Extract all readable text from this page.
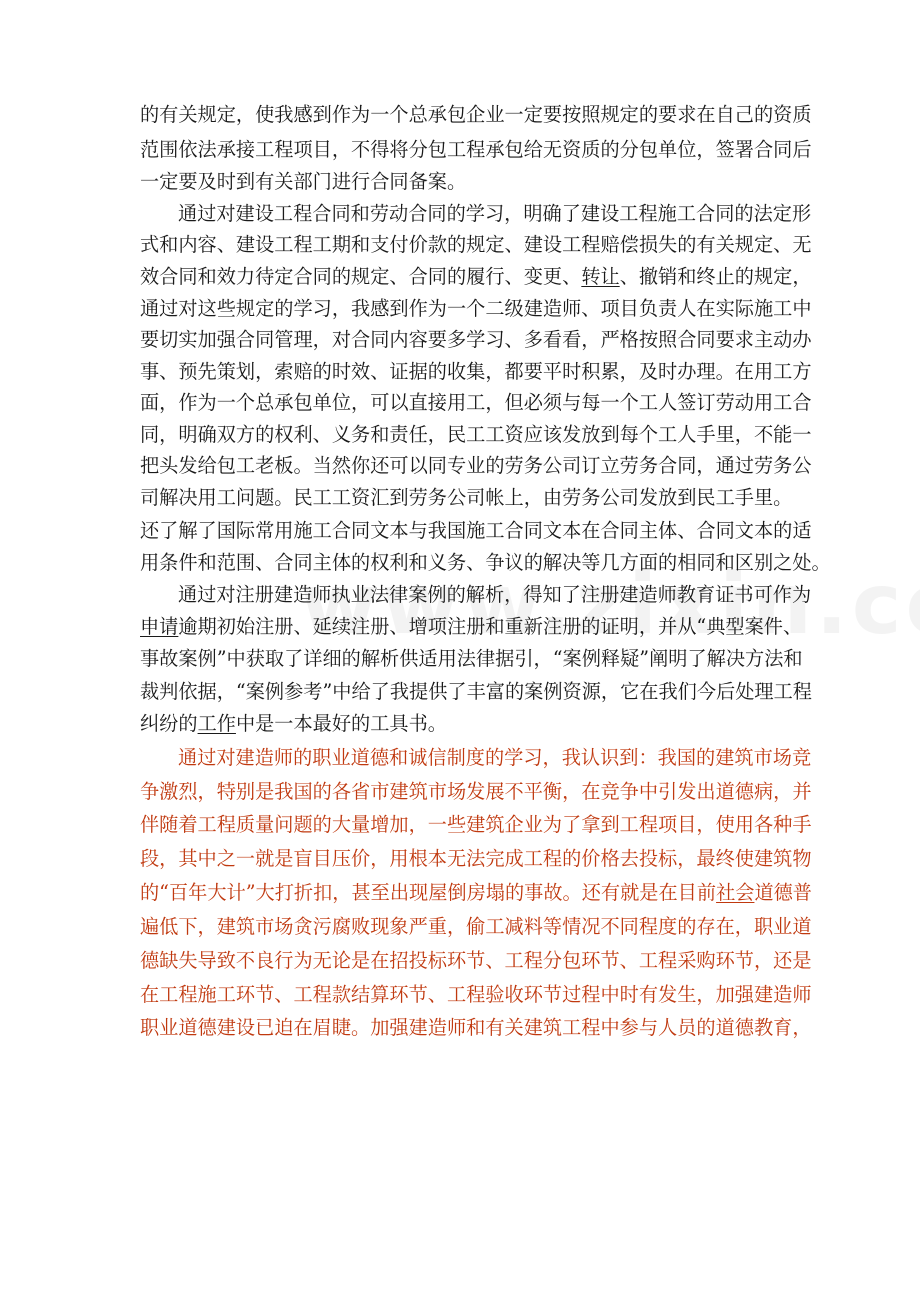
的有关规定，使我感到作为一个总承包企业一定要按照规定的要求在自己的资质
范围依法承接工程项目，不得将分包工程承包给无资质的分包单位，签署合同后
一定要及时到有关部门进行合同备案。
通过对建设工程合同和劳动合同的学习，明确了建设工程施工合同的法定形
式和内容、建设工程工期和支付价款的规定、建设工程赔偿损失的有关规定、无
效合同和效力待定合同的规定、合同的履行、变更、转让、撤销和终止的规定，
通过对这些规定的学习，我感到作为一个二级建造师、项目负责人在实际施工中
要切实加强合同管理，对合同内容要多学习、多看看，严格按照合同要求主动办
事、预先策划，索赔的时效、证据的收集，都要平时积累，及时办理。在用工方
面，作为一个总承包单位，可以直接用工，但必须与每一个工人签订劳动用工合
同，明确双方的权利、义务和责任，民工工资应该发放到每个工人手里，不能一
把头发给包工老板。当然你还可以同专业的劳务公司订立劳务合同，通过劳务公
司解决用工问题。民工工资汇到劳务公司帐上，由劳务公司发放到民工手里。
还了解了国际常用施工合同文本与我国施工合同文本在合同主体、合同文本的适
用条件和范围、合同主体的权利和义务、争议的解决等几方面的相同和区别之处。
通过对注册建造师执业法律案例的解析，得知了注册建造师教育证书可作为
申请逾期初始注册、延续注册、增项注册和重新注册的证明，并从“典型案件、
事故案例”中获取了详细的解析供适用法律据引，“案例释疑”阐明了解决方法和
裁判依据，“案例参考”中给了我提供了丰富的案例资源，它在我们今后处理工程
纠纷的工作中是一本最好的工具书。
通过对建造师的职业道德和诚信制度的学习，我认识到：我国的建筑市场竞
争激烈，特别是我国的各省市建筑市场发展不平衡，在竞争中引发出道德病，并
伴随着工程质量问题的大量增加，一些建筑企业为了拿到工程项目，使用各种手
段，其中之一就是盲目压价，用根本无法完成工程的价格去投标，最终使建筑物
的“百年大计”大打折扣，甚至出现屋倒房塌的事故。还有就是在目前社会道德普
遍低下，建筑市场贪污腐败现象严重，偷工减料等情况不同程度的存在，职业道
德缺失导致不良行为无论是在招投标环节、工程分包环节、工程采购环节，还是
在工程施工环节、工程款结算环节、工程验收环节过程中时有发生，加强建造师
职业道德建设已迫在眉睫。加强建造师和有关建筑工程中参与人员的道德教育，
